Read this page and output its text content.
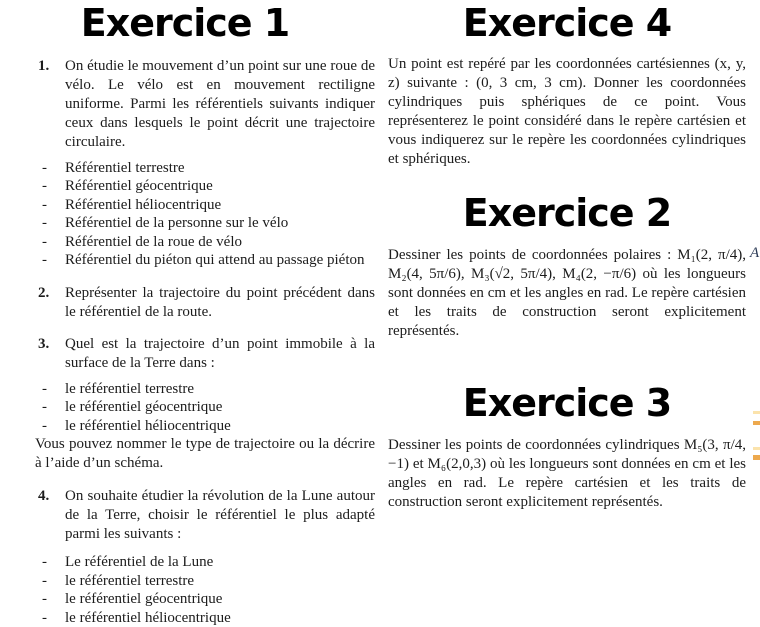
Exercice 1
1.	On étudie le mouvement d’un point sur une roue de vélo. Le vélo est en mouvement rectiligne uniforme. Parmi les référentiels suivants indiquer ceux dans lesquels le point décrit une trajectoire circulaire.

-	Référentiel terrestre
-	Référentiel géocentrique
-	Référentiel héliocentrique
-	Référentiel de la personne sur le vélo
-	Référentiel de la roue de vélo
-	Référentiel du piéton qui attend au passage piéton
2.	Représenter la trajectoire du point précédent dans le référentiel de la route.

3.	Quel est la trajectoire d’un point immobile à la surface de la Terre dans :

-	le référentiel terrestre
-	le référentiel géocentrique
-	le référentiel héliocentrique

Vous pouvez nommer le type de trajectoire ou la décrire à l’aide d’un schéma.

4.	On souhaite étudier la révolution de la Lune autour de la Terre, choisir le référentiel le plus adapté parmi les suivants :

-	Le référentiel de la Lune
-	le référentiel terrestre
-	le référentiel géocentrique
-	le référentiel héliocentrique
Exercice 4

Un point est repéré par les coordonnées cartésiennes (x, y, z) suivante : (0, 3 cm, 3 cm). Donner les coordonnées cylindriques puis sphériques de ce point. Vous représenterez le point considéré dans le repère cartésien et vous indiquerez sur le repère les coordonnées cylindriques et sphériques.

Exercice 2

Dessiner les points de coordonnées polaires : M₁(2, π/4), M₂(4, 5π/6), M₃(√2, 5π/4), M₄(2, −π/6) où les longueurs sont données en cm et les angles en rad. Le repère cartésien et les traits de construction seront explicitement représentés.

Exercice 3

Dessiner les points de coordonnées cylindriques M₅(3, π/4, −1) et M₆(2,0,3) où les longueurs sont données en cm et les angles en rad. Le repère cartésien et les traits de construction seront explicitement représentés.

A
